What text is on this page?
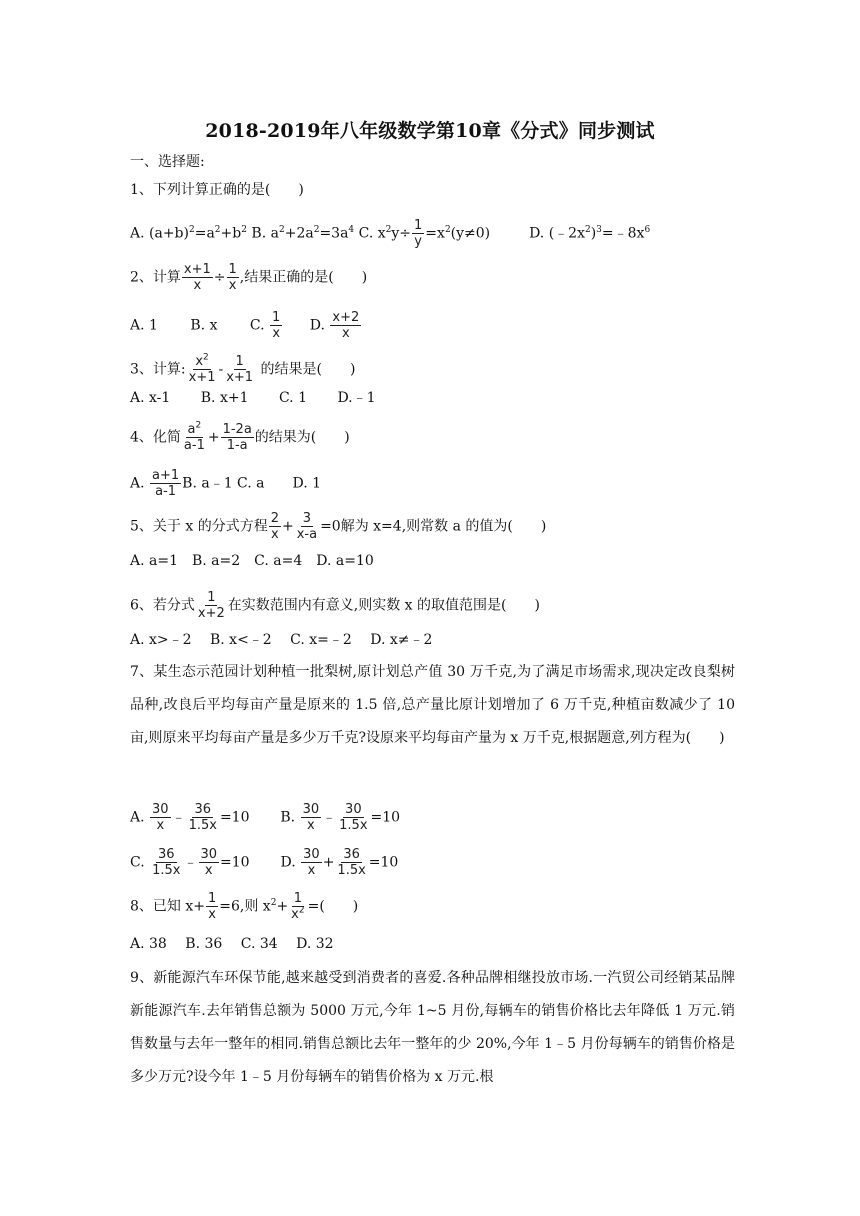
2018-2019年八年级数学第10章《分式》同步测试
一、选择题:
1、下列计算正确的是(　　)
A. $(a+b)^2=a^2+b^2$ B. $a^2+2a^2=3a^4$ C. $x^2y\div \frac{1}{y} =x^2(y\ne 0)$	D. $(﹣2x^2)^3=﹣8x^6$
2、计算 $\frac{x+1}{x} \div \frac{1}{x}$ ,结果正确的是(　　)
A. 1 B. x C. $\frac{1}{x} D$. $\frac{x+2}{x}$
3、计算: $\frac{x^2}{x+1} - \frac{1}{x+1}$ 的结果是(　　)
A. x-1 B. x+1 C. 1 D.﹣1
4、化简 $\frac{a^2}{a-1} + \frac{1-2a}{1-a}$ 的结果为(　　)
A. $\frac{a+1}{a-1} B$. a﹣1 C. a　　D. 1
5、关于 x 的分式方程 $\frac{2}{x} + \frac{3}{x-a} =0$解为 x=4,则常数 a 的值为(　　)
A. a=1　B. a=2　C. a=4　D. a=10
6、若分式 $\frac{1}{x+2}$ 在实数范围内有意义,则实数 x 的取值范围是(　　)
A. x>﹣2　 B. x<﹣2　 C. x=﹣2　 D. x≠﹣2
7、某生态示范园计划种植一批梨树,原计划总产值 30 万千克,为了满足市场需求,现决定改良梨树品种,改良后平均每亩产量是原来的 1.5 倍,总产量比原计划增加了 6 万千克,种植亩数减少了 10 亩,则原来平均每亩产量是多少万千克?设原来平均每亩产量为 x 万千克,根据题意,列方程为(　　)
A. $\frac{30}{x}$ ﹣ $\frac{36}{1.5x} =10$ B. $\frac{30}{x}$ ﹣ $\frac{30}{1.5x} =10$
C. $\frac{36}{1.5x}$ ﹣ $\frac{30}{x} =10$ D. $\frac{30}{x} + \frac{36}{1.5x} =10$
8、已知 $x+ \frac{1}{x} =6$,则 $x^2+ \frac{1}{x^2}$ =(　　)
A. 38　 B. 36　 C. 34　 D. 32
9、新能源汽车环保节能,越来越受到消费者的喜爱.各种品牌相继投放市场.一汽贸公司经销某品牌新能源汽车.去年销售总额为 5000 万元,今年 1~5 月份,每辆车的销售价格比去年降低 1 万元.销售数量与去年一整年的相同.销售总额比去年一整年的少 20%,今年 1﹣5 月份每辆车的销售价格是多少万元?设今年 1﹣5 月份每辆车的销售价格为 x 万元.根
